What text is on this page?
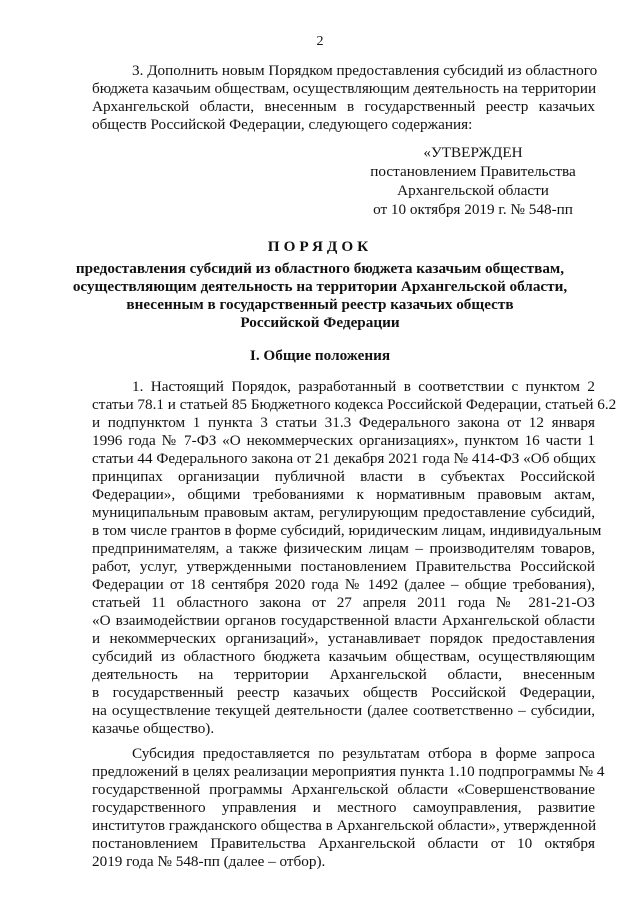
2
3. Дополнить новым Порядком предоставления субсидий из областного
бюджета казачьим обществам, осуществляющим деятельность на территории
Архангельской области, внесенным в государственный реестр казачьих
обществ Российской Федерации, следующего содержания:
«УТВЕРЖДЕН
постановлением Правительства
Архангельской области
от 10 октября 2019 г. № 548-пп
ПОРЯДОК
предоставления субсидий из областного бюджета казачьим обществам,
осуществляющим деятельность на территории Архангельской области,
внесенным в государственный реестр казачьих обществ
Российской Федерации
I. Общие положения
1. Настоящий Порядок, разработанный в соответствии с пунктом 2
статьи 78.1 и статьей 85 Бюджетного кодекса Российской Федерации, статьей 6.2
и подпунктом 1 пункта 3 статьи 31.3 Федерального закона от 12 января
1996 года № 7-ФЗ «О некоммерческих организациях», пунктом 16 части 1
статьи 44 Федерального закона от 21 декабря 2021 года № 414-ФЗ «Об общих
принципах организации публичной власти в субъектах Российской
Федерации», общими требованиями к нормативным правовым актам,
муниципальным правовым актам, регулирующим предоставление субсидий,
в том числе грантов в форме субсидий, юридическим лицам, индивидуальным
предпринимателям, а также физическим лицам – производителям товаров,
работ, услуг, утвержденными постановлением Правительства Российской
Федерации от 18 сентября 2020 года № 1492 (далее – общие требования),
статьей 11 областного закона от 27 апреля 2011 года № 281-21-ОЗ
«О взаимодействии органов государственной власти Архангельской области
и некоммерческих организаций», устанавливает порядок предоставления
субсидий из областного бюджета казачьим обществам, осуществляющим
деятельность на территории Архангельской области, внесенным
в государственный реестр казачьих обществ Российской Федерации,
на осуществление текущей деятельности (далее соответственно – субсидии,
казачье общество).
Субсидия предоставляется по результатам отбора в форме запроса
предложений в целях реализации мероприятия пункта 1.10 подпрограммы № 4
государственной программы Архангельской области «Совершенствование
государственного управления и местного самоуправления, развитие
институтов гражданского общества в Архангельской области», утвержденной
постановлением Правительства Архангельской области от 10 октября
2019 года № 548-пп (далее – отбор).
